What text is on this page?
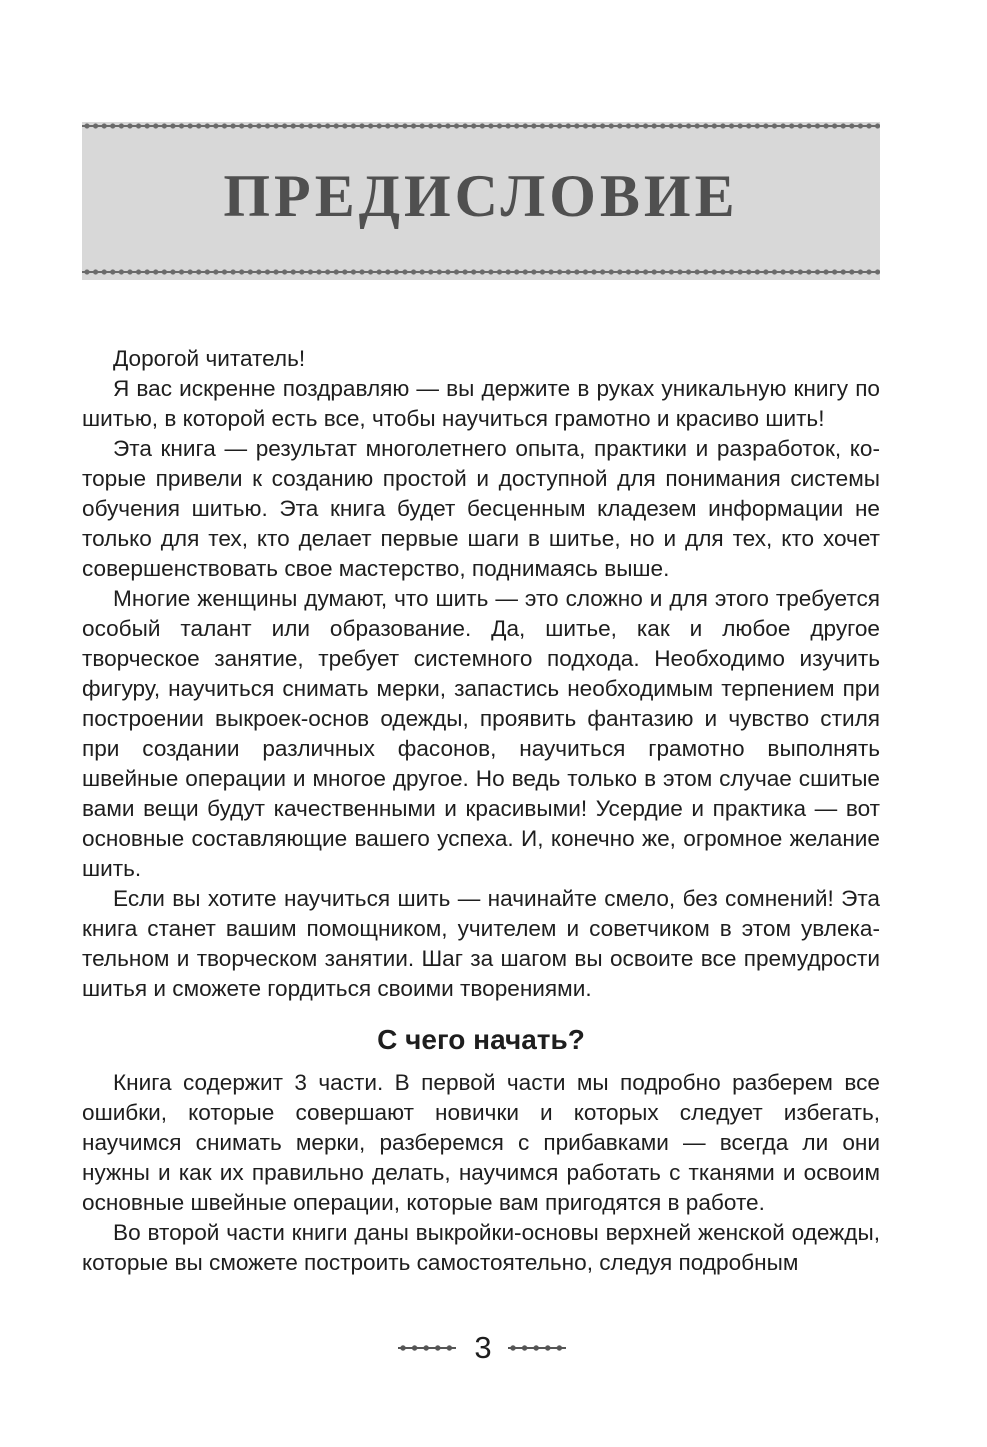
ПРЕДИСЛОВИЕ

Дорогой читатель!

Я вас искренне поздравляю — вы держите в руках уникальную книгу по шитью, в которой есть все, чтобы научиться грамотно и красиво шить!

Эта книга — результат многолетнего опыта, практики и разработок, которые привели к созданию простой и доступной для понимания системы обучения шитью. Эта книга будет бесценным кладезем информации не только для тех, кто делает первые шаги в шитье, но и для тех, кто хочет совершенствовать свое мастерство, поднимаясь выше.

Многие женщины думают, что шить — это сложно и для этого требуется особый талант или образование. Да, шитье, как и любое другое творческое занятие, требует системного подхода. Необходимо изучить фигуру, научиться снимать мерки, запастись необходимым терпением при построении выкроек-основ одежды, проявить фантазию и чувство стиля при создании различных фасонов, научиться грамотно выполнять швейные операции и многое другое. Но ведь только в этом случае сшитые вами вещи будут качественными и красивыми! Усердие и практика — вот основные составляющие вашего успеха. И, конечно же, огромное желание шить.

Если вы хотите научиться шить — начинайте смело, без сомнений! Эта книга станет вашим помощником, учителем и советчиком в этом увлекательном и творческом занятии. Шаг за шагом вы освоите все премудрости шитья и сможете гордиться своими творениями.

С чего начать?

Книга содержит 3 части. В первой части мы подробно разберем все ошибки, которые совершают новички и которых следует избегать, научимся снимать мерки, разберемся с прибавками — всегда ли они нужны и как их правильно делать, научимся работать с тканями и освоим основные швейные операции, которые вам пригодятся в работе.

Во второй части книги даны выкройки-основы верхней женской одежды, которые вы сможете построить самостоятельно, следуя подробным

3
